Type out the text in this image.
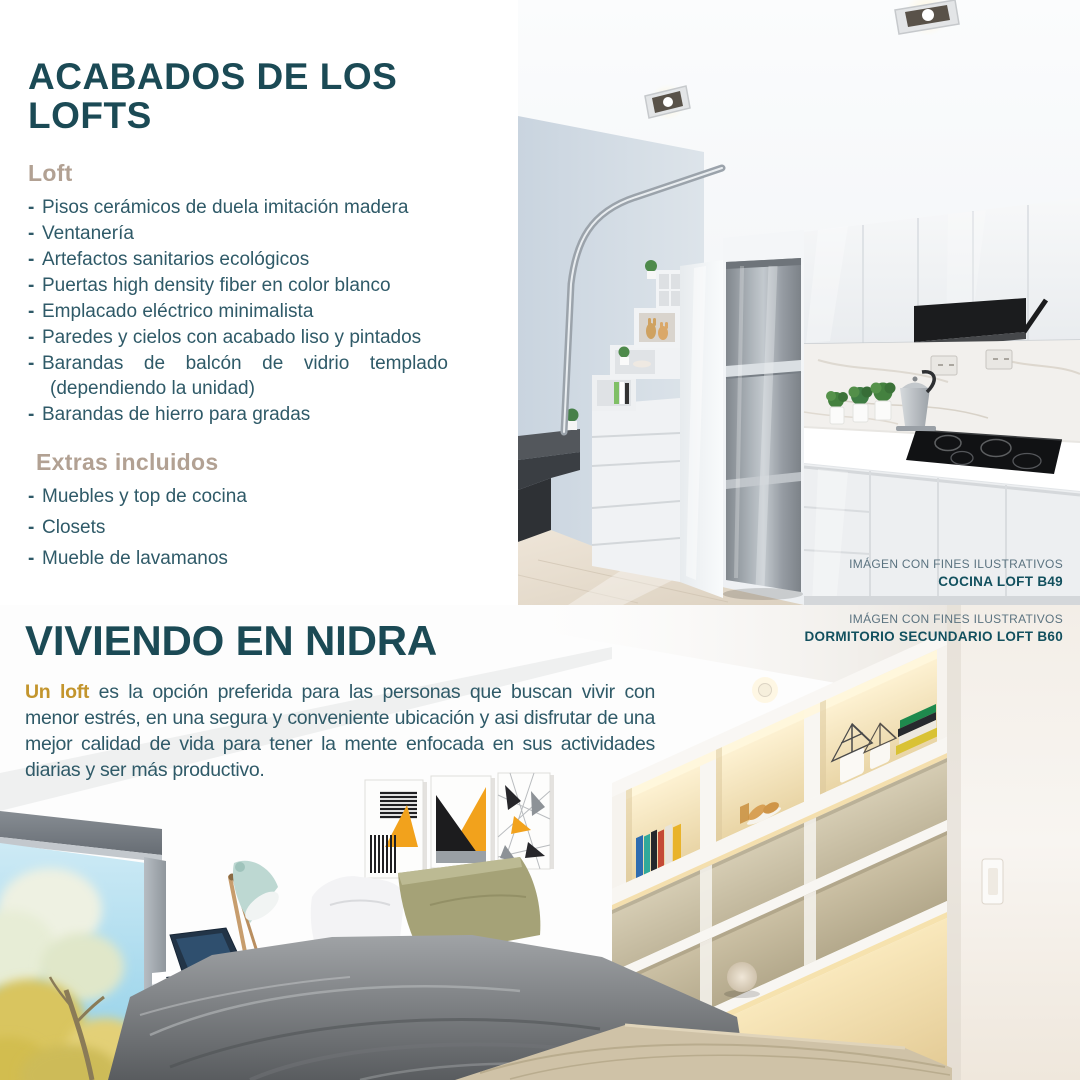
ACABADOS DE LOS LOFTS
Loft
- Pisos cerámicos de duela imitación madera
- Ventanería
- Artefactos sanitarios ecológicos
- Puertas high density fiber en color blanco
- Emplacado eléctrico minimalista
- Paredes y cielos con acabado liso y pintados
- Barandas de balcón de vidrio templado (dependiendo la unidad)
- Barandas de hierro para gradas
Extras incluidos
- Muebles y top de cocina
- Closets
- Mueble de lavamanos	IMÁGEN CON FINES ILUSTRATIVOS
COCINA LOFT B49
IMÁGEN CON FINES ILUSTRATIVOS
DORMITORIO SECUNDARIO LOFT B60
VIVIENDO EN NIDRA

Un loft es la opción preferida para las personas que buscan vivir con menor estrés, en una segura y conveniente ubicación y asi disfrutar de una mejor calidad de vida para tener la mente enfocada en sus actividades diarias y ser más productivo.
